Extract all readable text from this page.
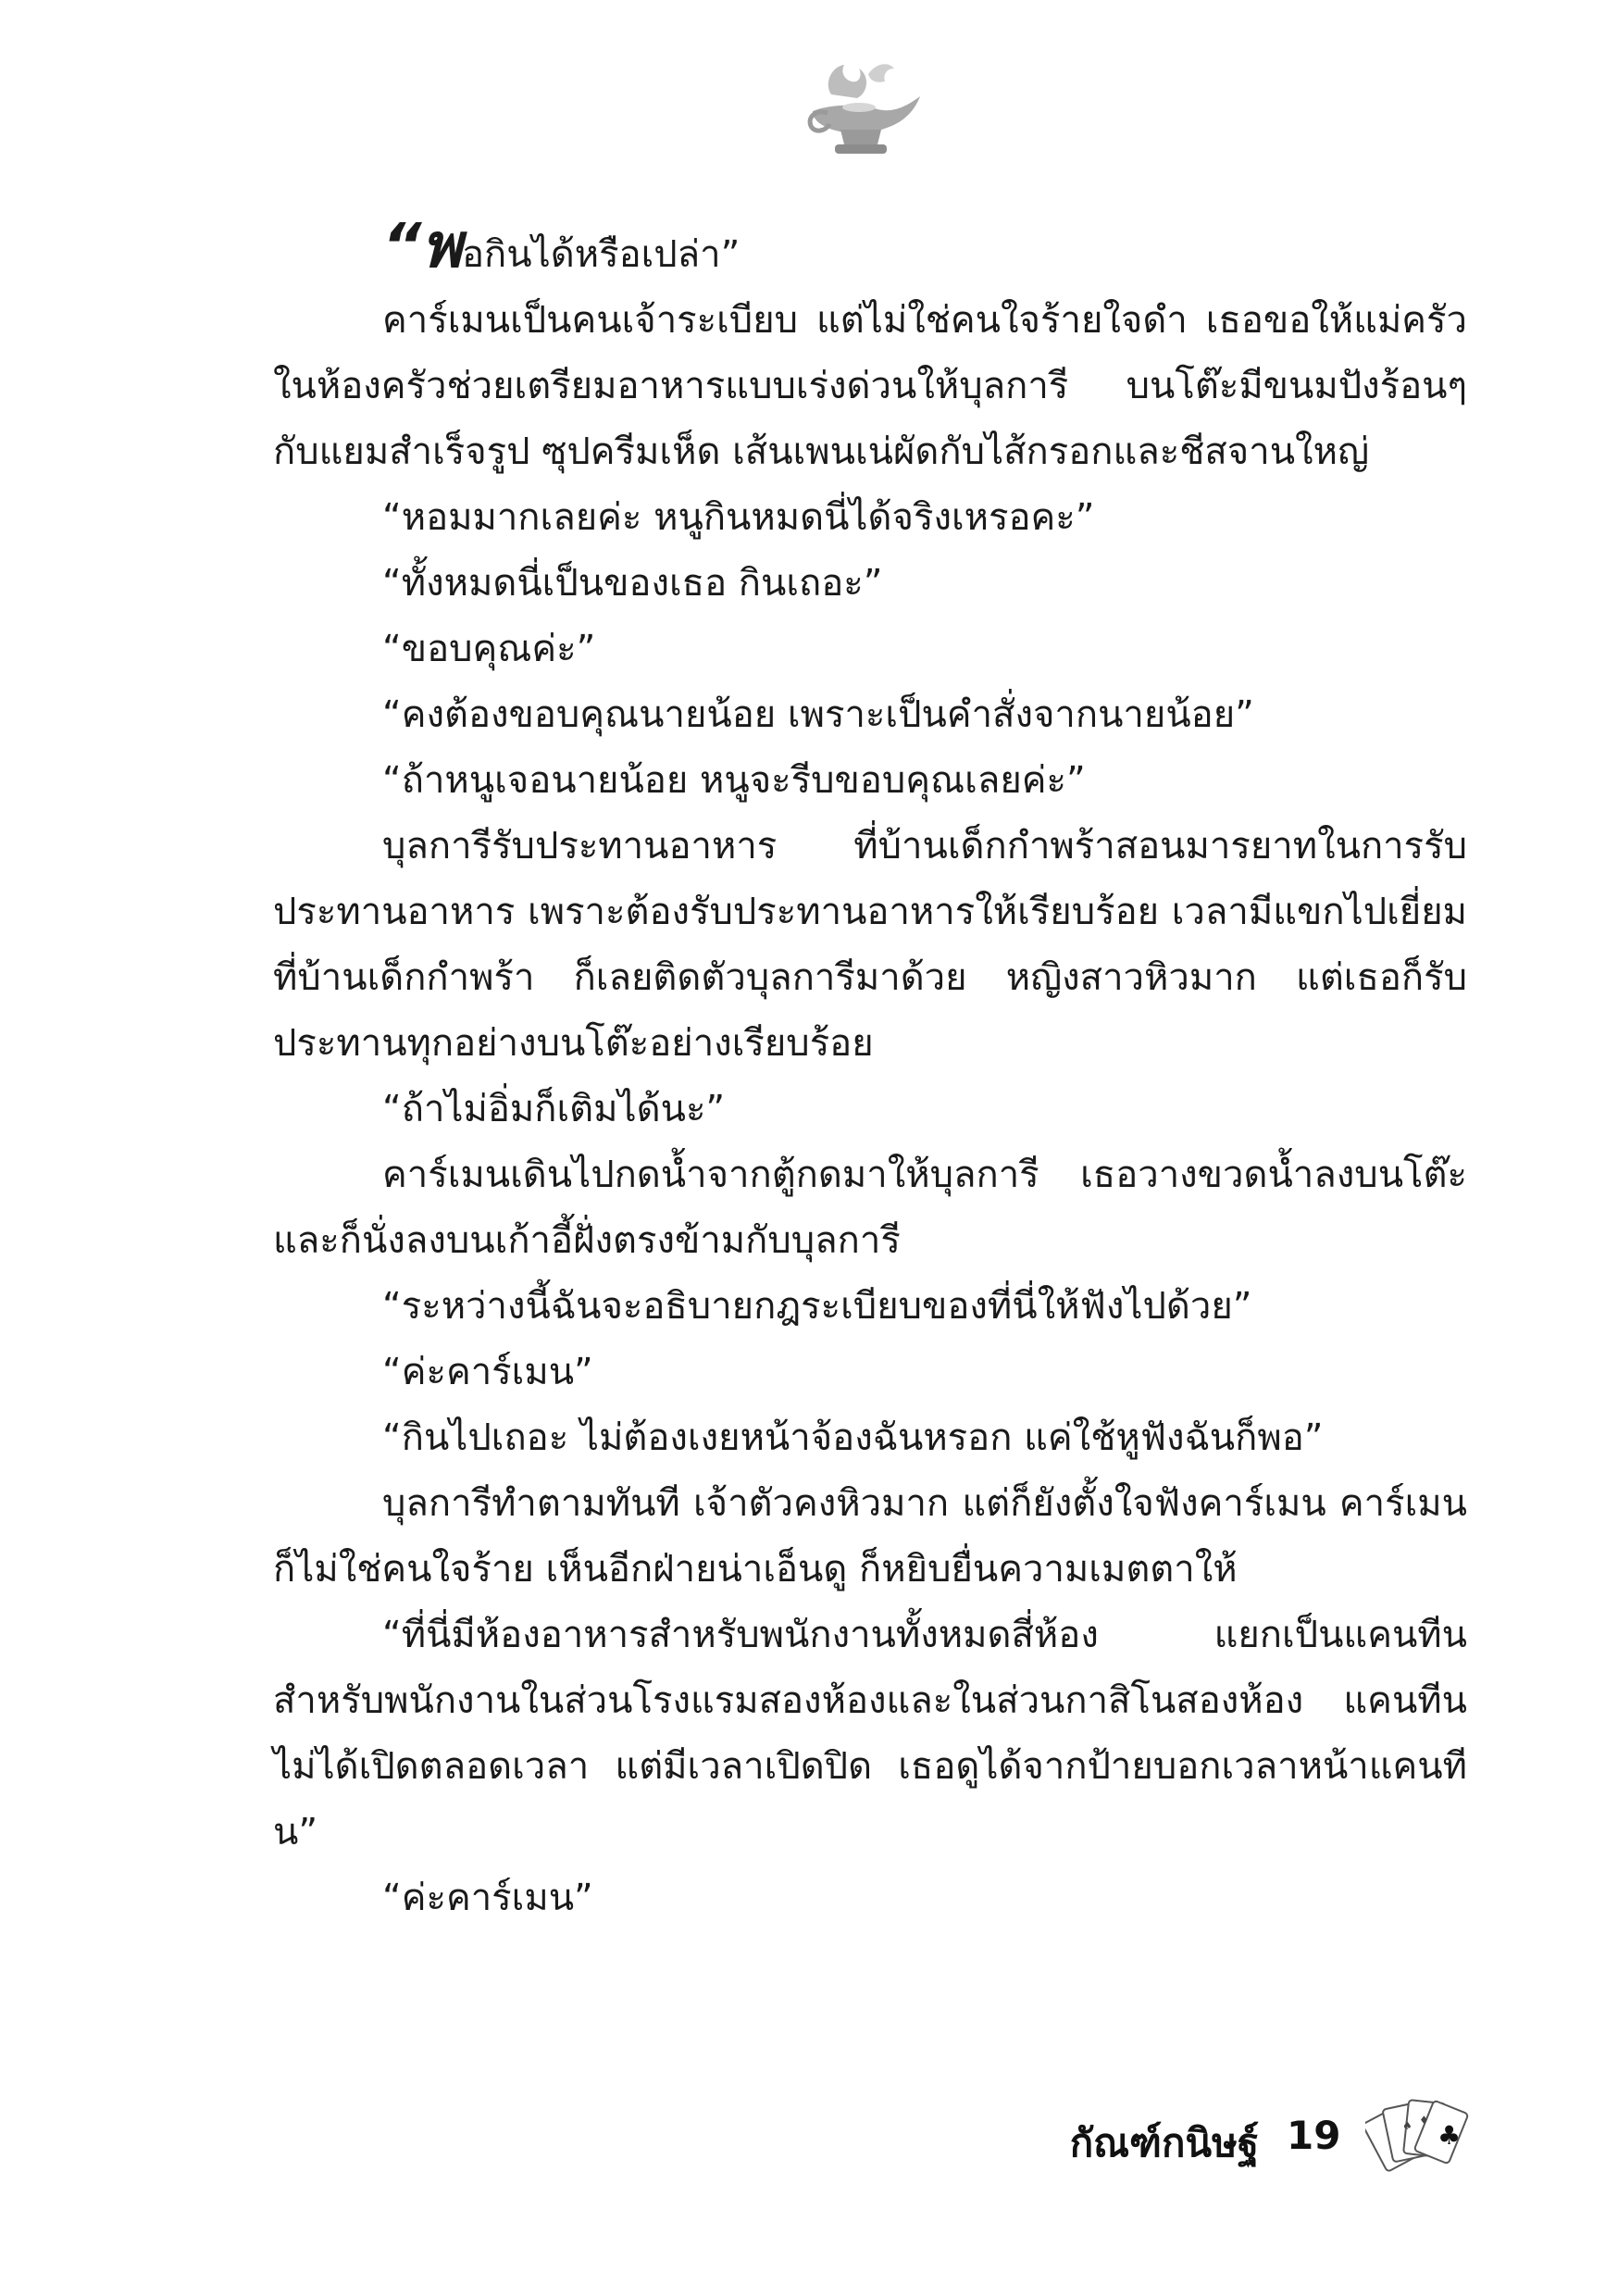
“พอกินได้หรือเปล่า”

คาร์เมนเป็นคนเจ้าระเบียบ แต่ไม่ใช่คนใจร้ายใจดำ เธอขอให้แม่ครัวในห้องครัวช่วยเตรียมอาหารแบบเร่งด่วนให้บุลการี บนโต๊ะมีขนมปังร้อนๆ กับแยมสำเร็จรูป ซุปครีมเห็ด เส้นเพนเน่ผัดกับไส้กรอกและชีสจานใหญ่

“หอมมากเลยค่ะ หนูกินหมดนี่ได้จริงเหรอคะ”

“ทั้งหมดนี่เป็นของเธอ กินเถอะ”

“ขอบคุณค่ะ”

“คงต้องขอบคุณนายน้อย เพราะเป็นคำสั่งจากนายน้อย”

“ถ้าหนูเจอนายน้อย หนูจะรีบขอบคุณเลยค่ะ”

บุลการีรับประทานอาหาร ที่บ้านเด็กกำพร้าสอนมารยาทในการรับประทานอาหาร เพราะต้องรับประทานอาหารให้เรียบร้อย เวลามีแขกไปเยี่ยมที่บ้านเด็กกำพร้า ก็เลยติดตัวบุลการีมาด้วย หญิงสาวหิวมาก แต่เธอก็รับประทานทุกอย่างบนโต๊ะอย่างเรียบร้อย

“ถ้าไม่อิ่มก็เติมได้นะ”

คาร์เมนเดินไปกดน้ำจากตู้กดมาให้บุลการี เธอวางขวดน้ำลงบนโต๊ะและก็นั่งลงบนเก้าอี้ฝั่งตรงข้ามกับบุลการี

“ระหว่างนี้ฉันจะอธิบายกฎระเบียบของที่นี่ให้ฟังไปด้วย”

“ค่ะคาร์เมน”

“กินไปเถอะ ไม่ต้องเงยหน้าจ้องฉันหรอก แค่ใช้หูฟังฉันก็พอ”

บุลการีทำตามทันที เจ้าตัวคงหิวมาก แต่ก็ยังตั้งใจฟังคาร์เมน คาร์เมนก็ไม่ใช่คนใจร้าย เห็นอีกฝ่ายน่าเอ็นดู ก็หยิบยื่นความเมตตาให้

“ที่นี่มีห้องอาหารสำหรับพนักงานทั้งหมดสี่ห้อง แยกเป็นแคนทีนสำหรับพนักงานในส่วนโรงแรมสองห้องและในส่วนกาสิโนสองห้อง แคนทีนไม่ได้เปิดตลอดเวลา แต่มีเวลาเปิดปิด เธอดูได้จากป้ายบอกเวลาหน้าแคนทีน”

“ค่ะคาร์เมน”

กัณฑ์กนิษฐ์ 19	♣
♠ ♦
